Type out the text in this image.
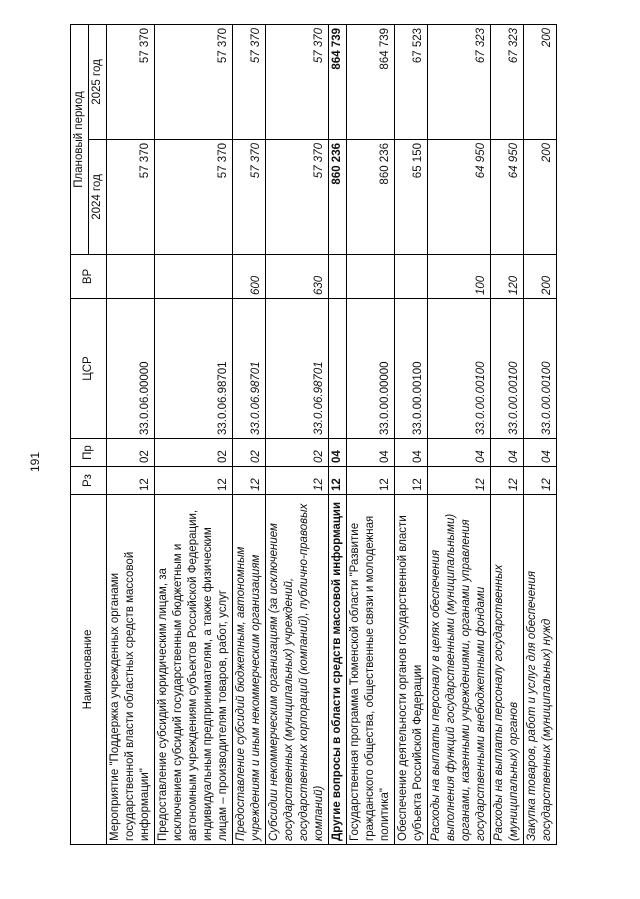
191
Наименование	Рз	Пр	ЦСР	ВР	Плановый период	
					2024 год	2025 год
Мероприятие "Поддержка учрежденных органами государственной власти областных средств массовой информации"	12	02	33.0.06.00000		57 370	57 370
Предоставление субсидий юридическим лицам, за исключением субсидий государственным бюджетным и автономным учреждениям субъектов Российской Федерации, индивидуальным предпринимателям, а также физическим лицам – производителям товаров, работ, услуг	12	02	33.0.06.98701		57 370	57 370
Предоставление субсидий бюджетным, автономным учреждениям и иным некоммерческим организациям	12	02	33.0.06.98701	600	57 370	57 370
Субсидии некоммерческим организациям (за исключением государственных (муниципальных) учреждений, государственных корпораций (компаний), публично-правовых компаний)	12	02	33.0.06.98701	630	57 370	57 370
Другие вопросы в области средств массовой информации	12	04			860 236	864 739
Государственная программа Тюменской области "Развитие гражданского общества, общественные связи и молодежная политика"	12	04	33.0.00.00000		860 236	864 739
Обеспечение деятельности органов государственной власти субъекта Российской Федерации	12	04	33.0.00.00100		65 150	67 523
Расходы на выплаты персоналу в целях обеспечения выполнения функций государственными (муниципальными) органами, казенными учреждениями, органами управления государственными внебюджетными фондами	12	04	33.0.00.00100	100	64 950	67 323
Расходы на выплаты персоналу государственных (муниципальных) органов	12	04	33.0.00.00100	120	64 950	67 323
Закупка товаров, работ и услуг для обеспечения государственных (муниципальных) нужд	12	04	33.0.00.00100	200	200	200
